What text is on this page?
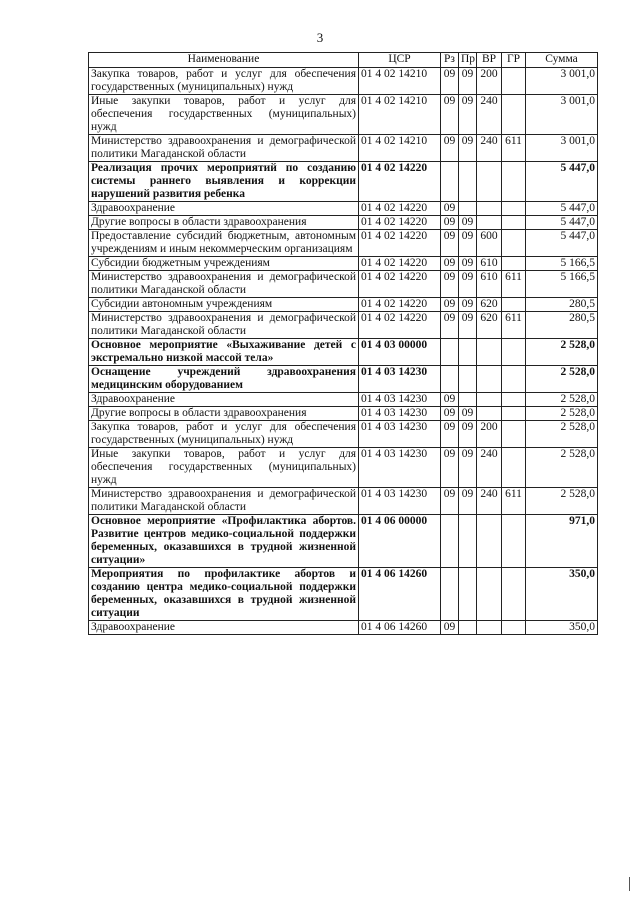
3
Наименование	ЦСР	Рз	Пр	ВР	ГР	Сумма
Закупка товаров, работ и услуг для обеспечения государственных (муниципальных) нужд	01 4 02 14210	09	09	200		3 001,0
Иные закупки товаров, работ и услуг для обеспечения государственных (муниципальных) нужд	01 4 02 14210	09	09	240		3 001,0
Министерство здравоохранения и демографической политики Магаданской области	01 4 02 14210	09	09	240	611	3 001,0
Реализация прочих мероприятий по созданию системы раннего выявления и коррекции нарушений развития ребенка	01 4 02 14220					5 447,0
Здравоохранение	01 4 02 14220	09				5 447,0
Другие вопросы в области здравоохранения	01 4 02 14220	09	09			5 447,0
Предоставление субсидий бюджетным, автономным учреждениям и иным некоммерческим организациям	01 4 02 14220	09	09	600		5 447,0
Субсидии бюджетным учреждениям	01 4 02 14220	09	09	610		5 166,5
Министерство здравоохранения и демографической политики Магаданской области	01 4 02 14220	09	09	610	611	5 166,5
Субсидии автономным учреждениям	01 4 02 14220	09	09	620		280,5
Министерство здравоохранения и демографической политики Магаданской области	01 4 02 14220	09	09	620	611	280,5
Основное мероприятие «Выхаживание детей с экстремально низкой массой тела»	01 4 03 00000					2 528,0
Оснащение учреждений здравоохранения медицинским оборудованием	01 4 03 14230					2 528,0
Здравоохранение	01 4 03 14230	09				2 528,0
Другие вопросы в области здравоохранения	01 4 03 14230	09	09			2 528,0
Закупка товаров, работ и услуг для обеспечения государственных (муниципальных) нужд	01 4 03 14230	09	09	200		2 528,0
Иные закупки товаров, работ и услуг для обеспечения государственных (муниципальных) нужд	01 4 03 14230	09	09	240		2 528,0
Министерство здравоохранения и демографической политики Магаданской области	01 4 03 14230	09	09	240	611	2 528,0
Основное мероприятие «Профилактика абортов. Развитие центров медико-социальной поддержки беременных, оказавшихся в трудной жизненной ситуации»	01 4 06 00000					971,0
Мероприятия по профилактике абортов и созданию центра медико-социальной поддержки беременных, оказавшихся в трудной жизненной ситуации	01 4 06 14260					350,0
Здравоохранение	01 4 06 14260	09				350,0
